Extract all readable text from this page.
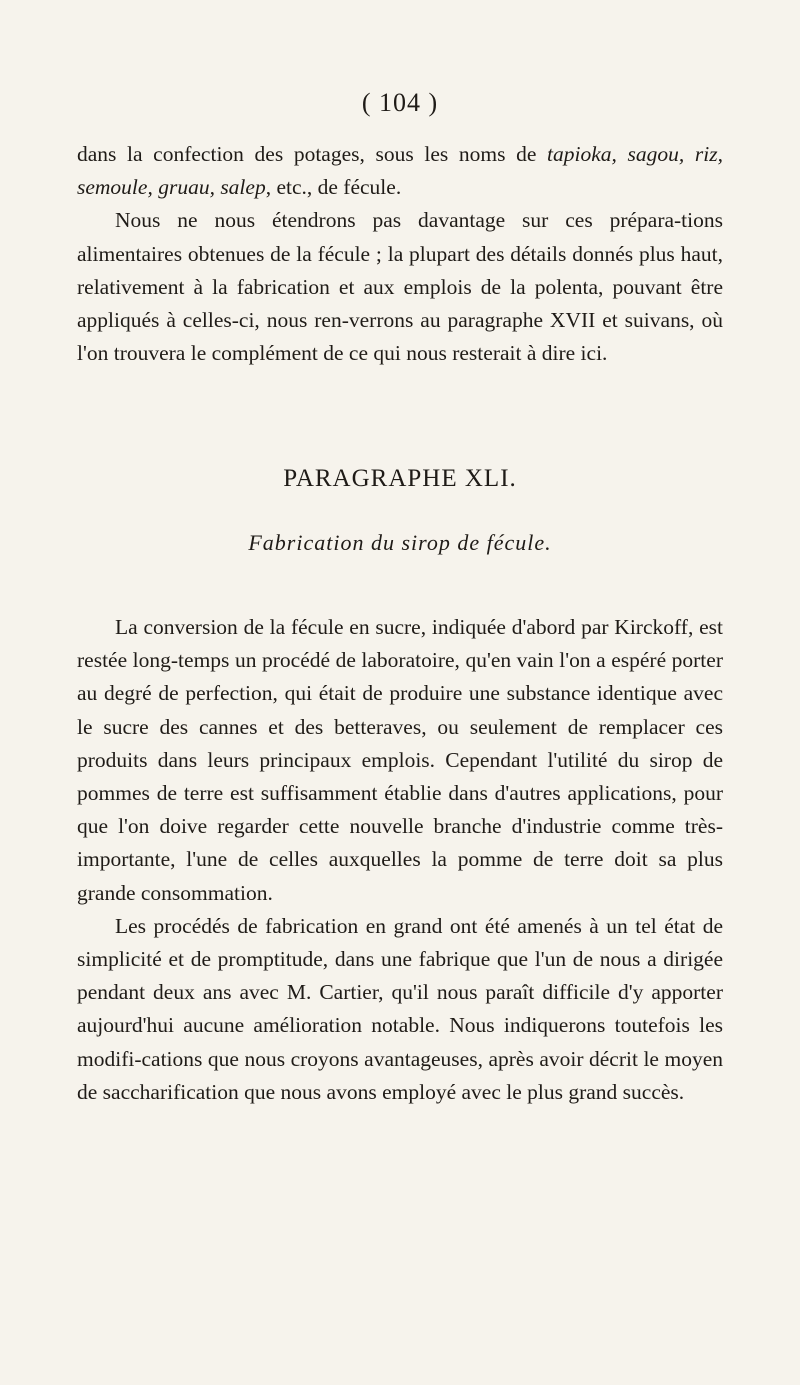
( 104 )

dans la confection des potages, sous les noms de tapioka, sagou, riz, semoule, gruau, salep, etc., de fécule.

Nous ne nous étendrons pas davantage sur ces prépara-tions alimentaires obtenues de la fécule ; la plupart des détails donnés plus haut, relativement à la fabrication et aux emplois de la polenta, pouvant être appliqués à celles-ci, nous ren-verrons au paragraphe XVII et suivans, où l'on trouvera le complément de ce qui nous resterait à dire ici.

PARAGRAPHE XLI.
Fabrication du sirop de fécule.

La conversion de la fécule en sucre, indiquée d'abord par Kirckoff, est restée long-temps un procédé de laboratoire, qu'en vain l'on a espéré porter au degré de perfection, qui était de produire une substance identique avec le sucre des cannes et des betteraves, ou seulement de remplacer ces produits dans leurs principaux emplois. Cependant l'utilité du sirop de pommes de terre est suffisamment établie dans d'autres applications, pour que l'on doive regarder cette nouvelle branche d'industrie comme très-importante, l'une de celles auxquelles la pomme de terre doit sa plus grande consommation.

Les procédés de fabrication en grand ont été amenés à un tel état de simplicité et de promptitude, dans une fabrique que l'un de nous a dirigée pendant deux ans avec M. Cartier, qu'il nous paraît difficile d'y apporter aujourd'hui aucune amélioration notable. Nous indiquerons toutefois les modifi-cations que nous croyons avantageuses, après avoir décrit le moyen de saccharification que nous avons employé avec le plus grand succès.
